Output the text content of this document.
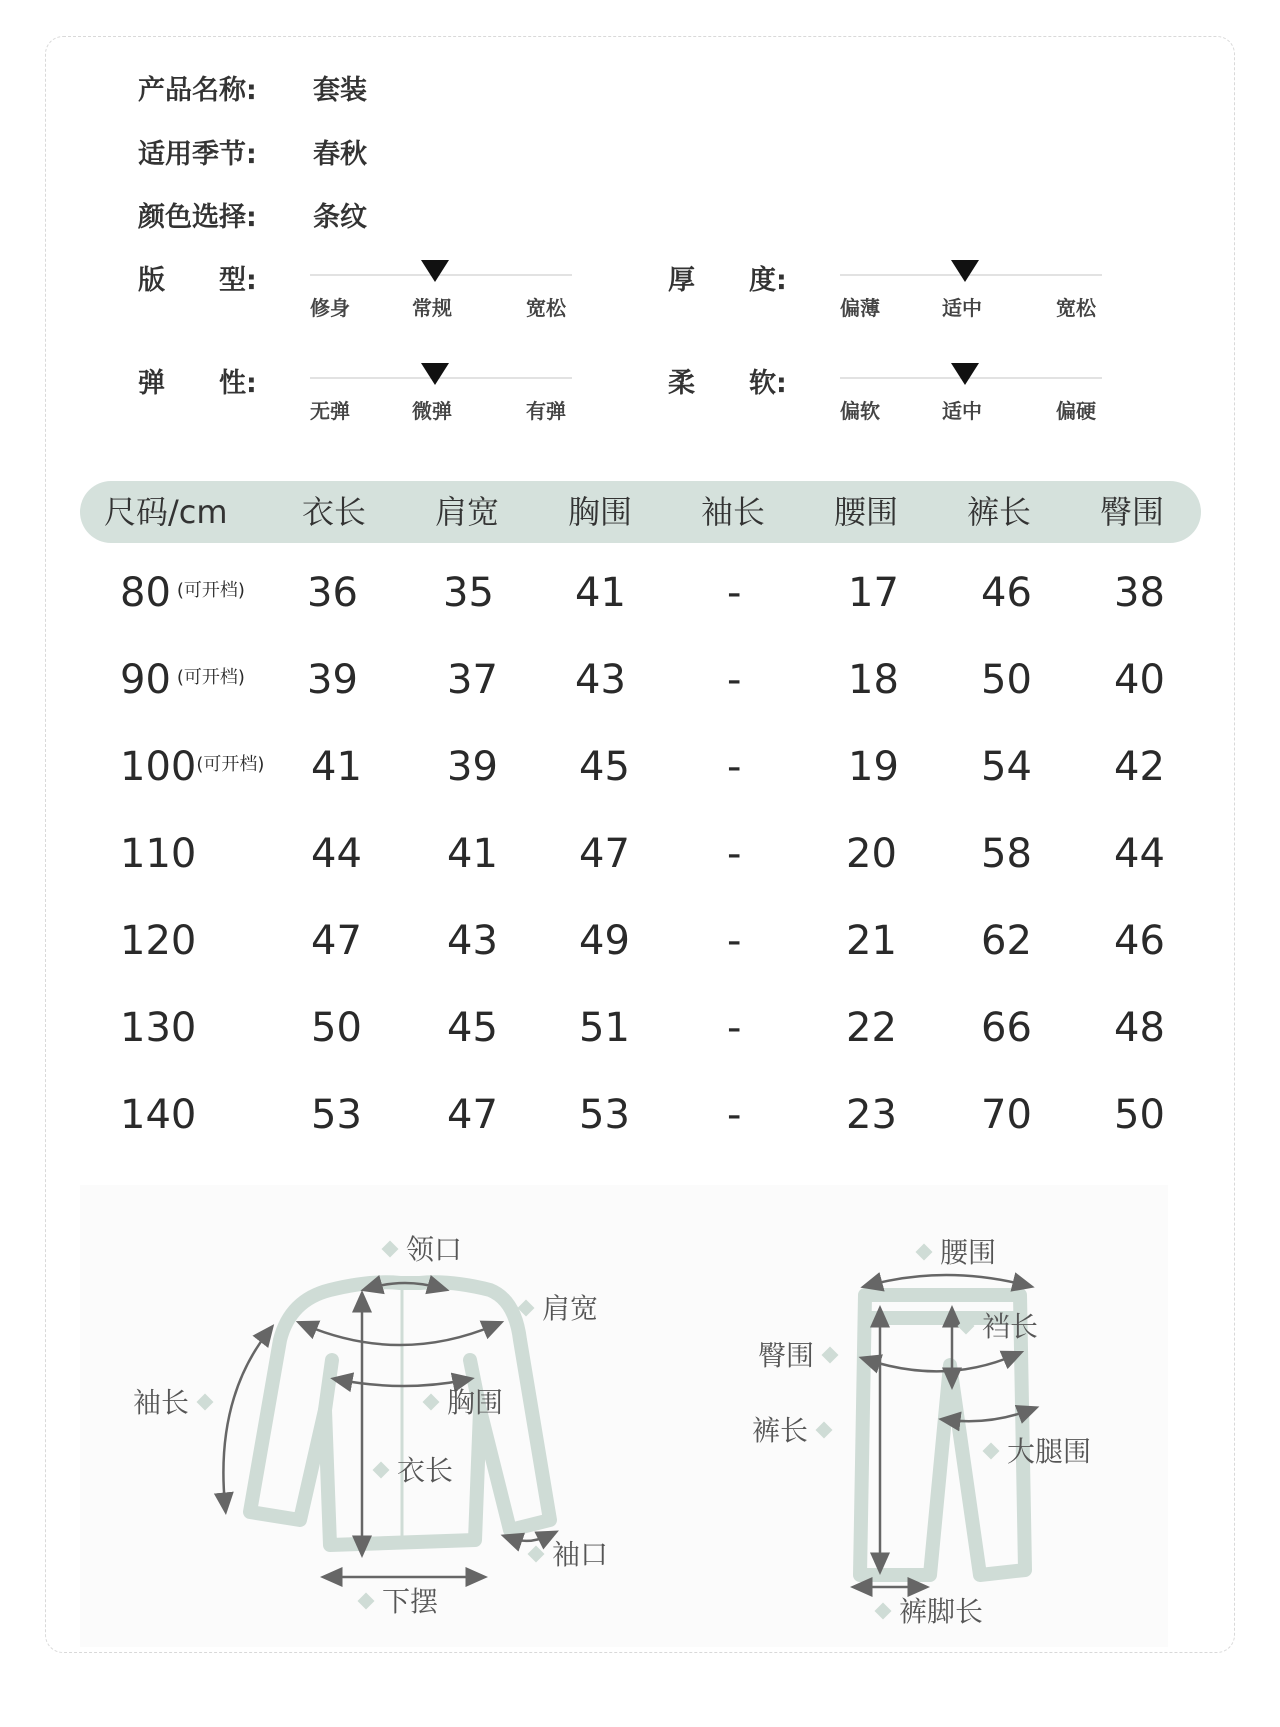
产品名称: 套装
适用季节: 春秋
颜色选择: 条纹
版　　型:
修身	常规	宽松
厚　　度:
偏薄	适中	宽松
弹　　性:
无弹	微弹	有弹
柔　　软:
偏软	适中	偏硬
尺码/cm 衣长 肩宽 胸围 袖长 腰围 裤长 臀围
80 (可开档) 36 35 41	-	17 46 38
90 (可开档) 39 37 43	-	18 50 40
100(可开档) 41 39 45 -	19 54 42
110	44 41 47 -	20 58 44
120	47 43 49 -	21 62 46
130	50 45 51 -	22 66 48
140	53 47 53 -	23 70 50
领口
肩宽
袖长	胸围
衣长
袖口
下摆
腰围
臀围
裆长
裤长
大腿围
裤脚长
